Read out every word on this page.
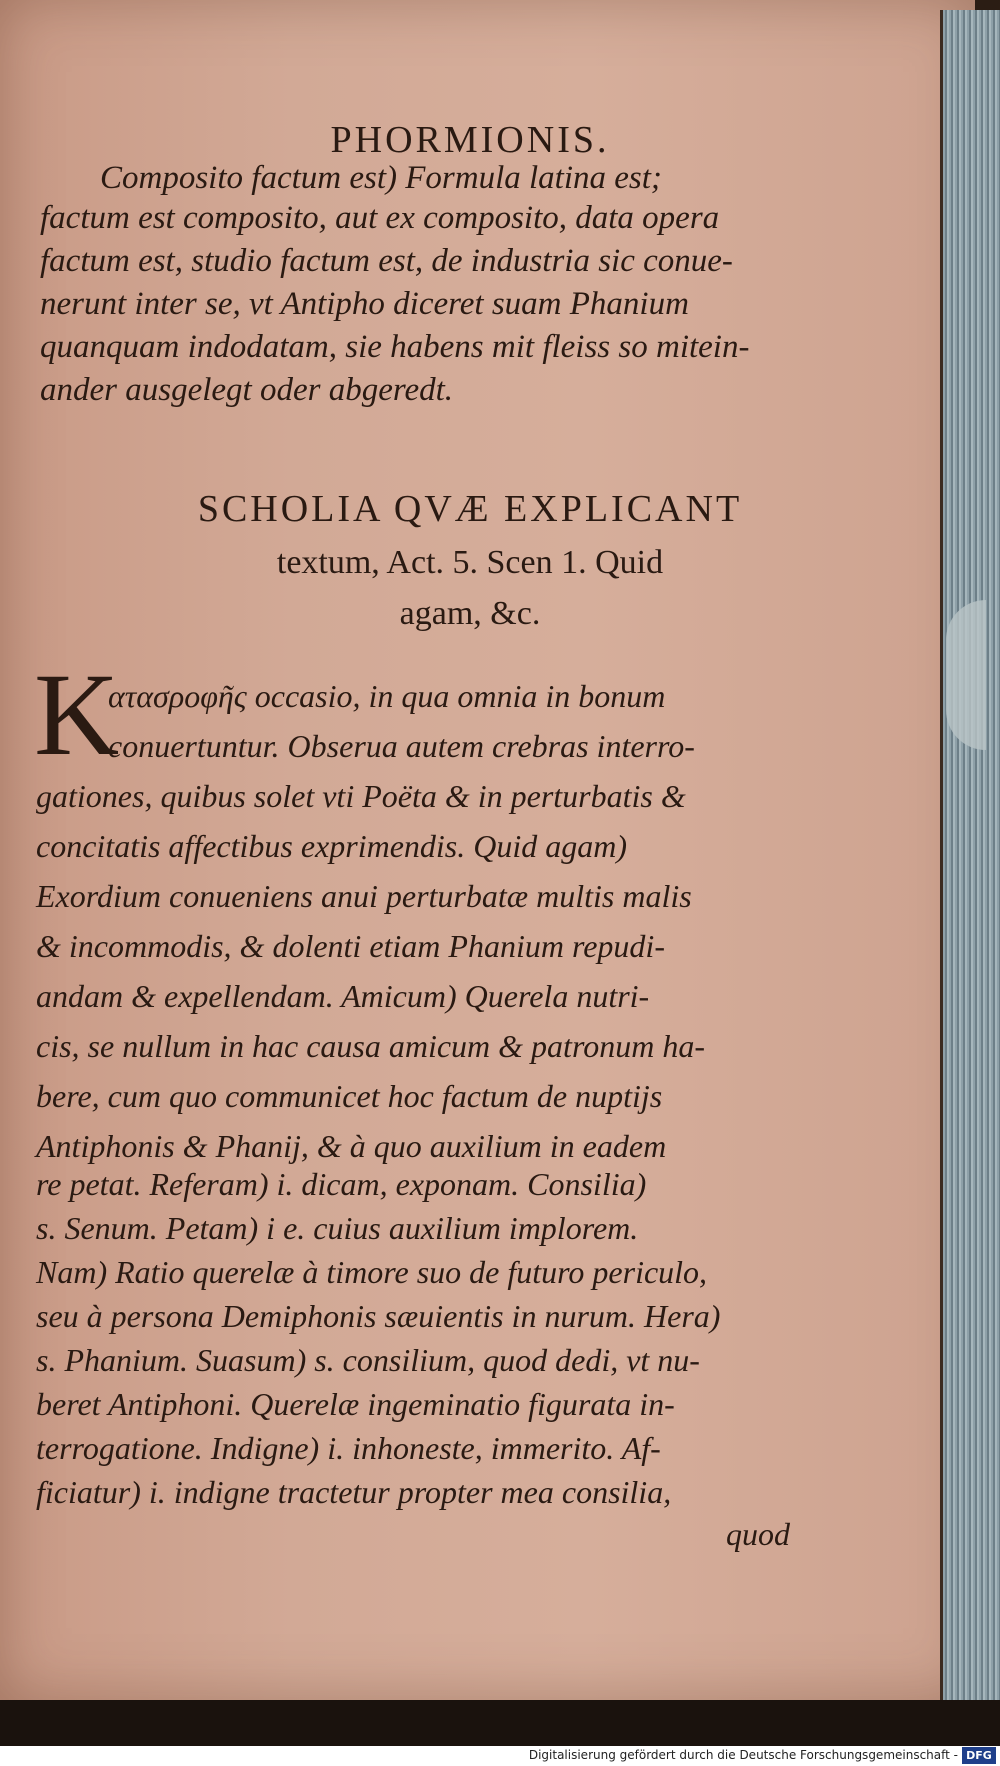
PHORMIONIS.
Composito factum est) Formula latina est;
factum est composito, aut ex composito, data opera
factum est, studio factum est, de industria sic conue-
nerunt inter se, vt Antipho diceret suam Phanium
quanquam indodatam, sie habens mit fleiss so mitein-
ander ausgelegt oder abgeredt.
SCHOLIA QVÆ EXPLICANT
textum, Act. 5. Scen 1. Quid
agam, &c.
K
ατασροφῆς occasio, in qua omnia in bonum
conuertuntur. Obserua autem crebras interro-
gationes, quibus solet vti Poëta & in perturbatis &
concitatis affectibus exprimendis. Quid agam)
Exordium conueniens anui perturbatæ multis malis
& incommodis, & dolenti etiam Phanium repudi-
andam & expellendam. Amicum) Querela nutri-
cis, se nullum in hac causa amicum & patronum ha-
bere, cum quo communicet hoc factum de nuptijs
Antiphonis & Phanij, & à quo auxilium in eadem
re petat. Referam) i. dicam, exponam. Consilia)
s. Senum. Petam) i e. cuius auxilium implorem.
Nam) Ratio querelæ à timore suo de futuro periculo,
seu à persona Demiphonis sæuientis in nurum. Hera)
s. Phanium. Suasum) s. consilium, quod dedi, vt nu-
beret Antiphoni. Querelæ ingeminatio figurata in-
terrogatione. Indigne) i. inhoneste, immerito. Af-
ficiatur) i. indigne tractetur propter mea consilia,
quod
Digitalisierung gefördert durch die Deutsche Forschungsgemeinschaft - DFG
